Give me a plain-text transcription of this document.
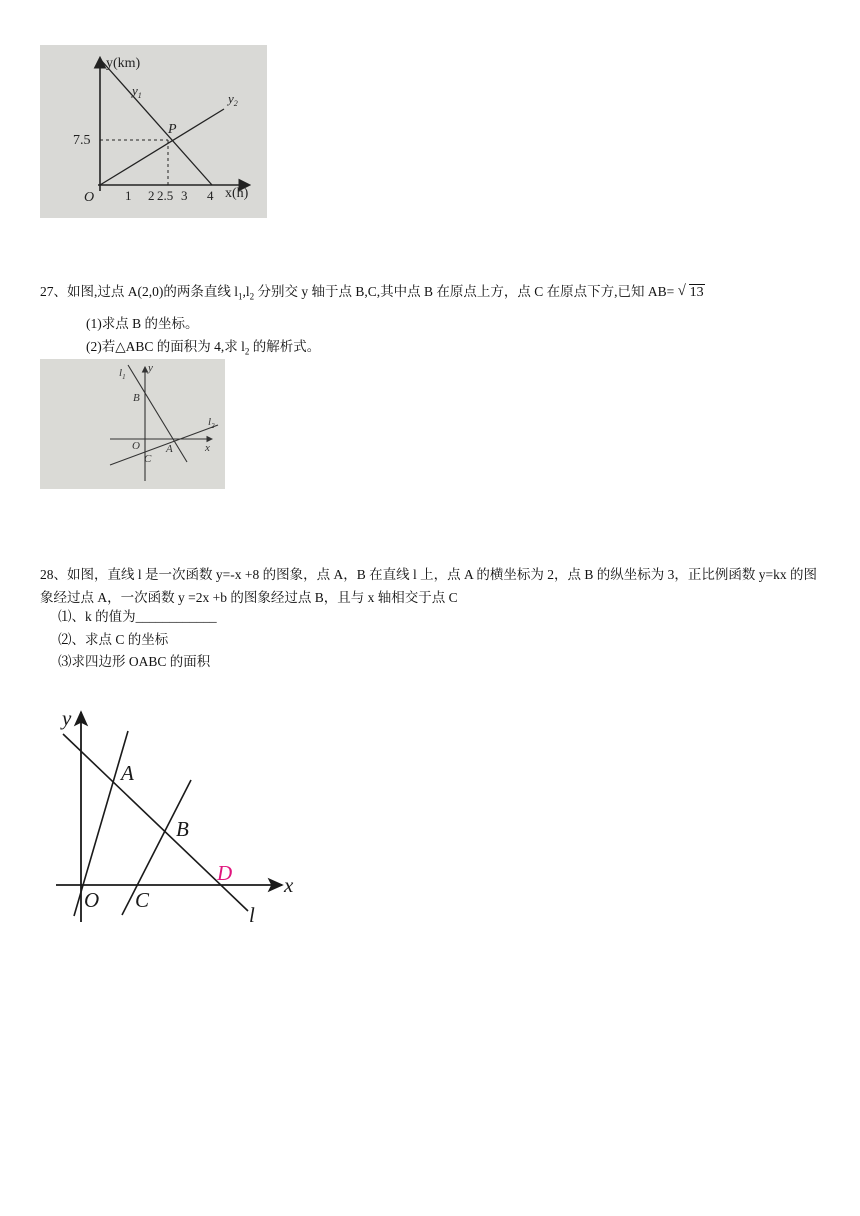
y(km)
x(h)
$y_1$	$y_2$
P
7.5
O 1 2 2.5 3 4
27、如图,过点 A(2,0)的两条直线 $l_1,l_2$ 分别交 y 轴于点 B,C,其中点 B 在原点上方，点 C 在原点下方,已知 AB= √ 13
(1)求点 B 的坐标。
(2)若△ABC 的面积为 4,求 $l_2$ 的解析式。
$l_1$
$l_2$
y
x
B
O
C
A
28、如图，直线 l 是一次函数 y=-x +8 的图象，点 A，B 在直线 l 上，点 A 的横坐标为 2，点 B 的纵坐标为 3，正比例函数 y=kx 的图象经过点 A，一次函数 y =2x +b 的图象经过点 B，且与 x 轴相交于点 C
⑴、k 的值为____________
⑵、求点 C 的坐标
⑶求四边形 OABC 的面积
y
x
A
B
D
O C
l
